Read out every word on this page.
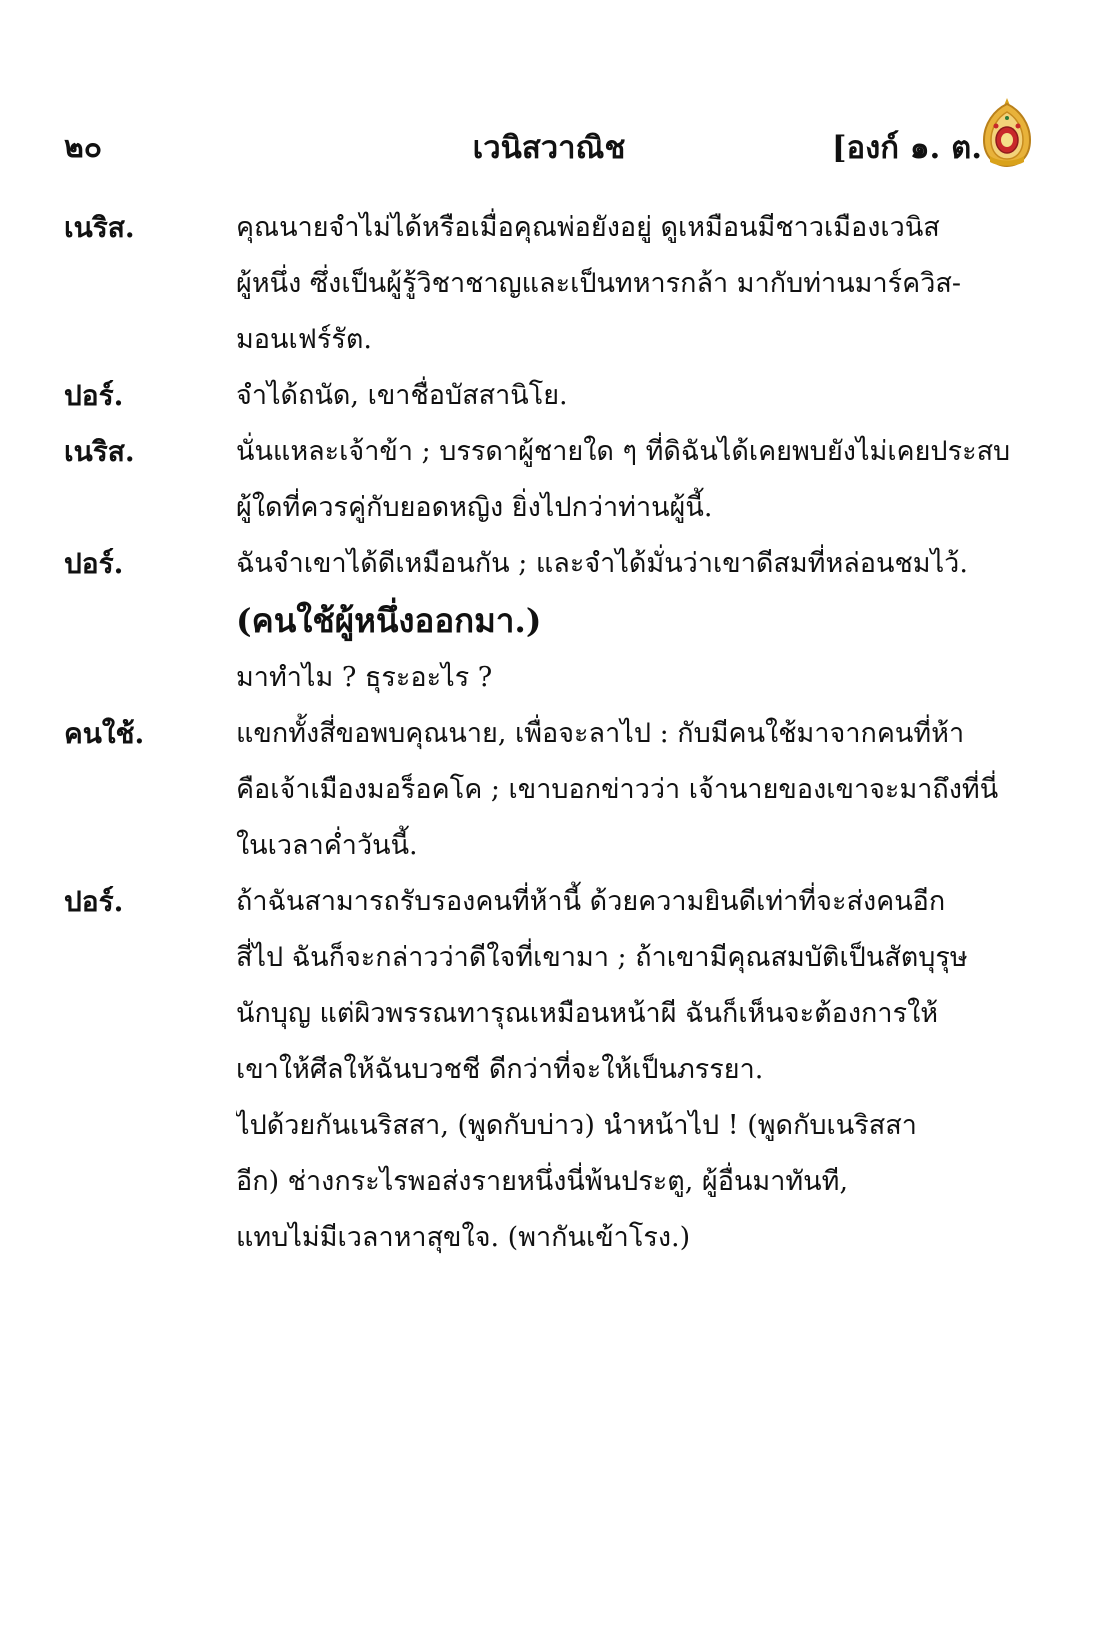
๒๐	เวนิสวาณิช	[องก์ ๑. ต.
เนริส.	คุณนายจำไม่ได้หรือเมื่อคุณพ่อยังอยู่ ดูเหมือนมีชาวเมืองเวนิส
ผู้หนึ่ง ซึ่งเป็นผู้รู้วิชาชาญและเป็นทหารกล้า มากับท่านมาร์ควิส-
มอนเฟร์รัต.
ปอร์.	จำได้ถนัด, เขาชื่อบัสสานิโย.
เนริส.	นั่นแหละเจ้าข้า ; บรรดาผู้ชายใด ๆ ที่ดิฉันได้เคยพบยังไม่เคยประสบ
ผู้ใดที่ควรคู่กับยอดหญิง ยิ่งไปกว่าท่านผู้นี้.
ปอร์.	ฉันจำเขาได้ดีเหมือนกัน ; และจำได้มั่นว่าเขาดีสมที่หล่อนชมไว้.
(คนใช้ผู้หนึ่งออกมา.)
มาทำไม ? ธุระอะไร ?
คนใช้.	แขกทั้งสี่ขอพบคุณนาย, เพื่อจะลาไป : กับมีคนใช้มาจากคนที่ห้า
คือเจ้าเมืองมอร็อคโค ; เขาบอกข่าวว่า เจ้านายของเขาจะมาถึงที่นี่
ในเวลาค่ำวันนี้.
ปอร์.	ถ้าฉันสามารถรับรองคนที่ห้านี้ ด้วยความยินดีเท่าที่จะส่งคนอีก
สี่ไป ฉันก็จะกล่าวว่าดีใจที่เขามา ; ถ้าเขามีคุณสมบัติเป็นสัตบุรุษ
นักบุญ แต่ผิวพรรณทารุณเหมือนหน้าผี ฉันก็เห็นจะต้องการให้
เขาให้ศีลให้ฉันบวชชี ดีกว่าที่จะให้เป็นภรรยา.
ไปด้วยกันเนริสสา, (พูดกับบ่าว) นำหน้าไป ! (พูดกับเนริสสา
อีก) ช่างกระไรพอส่งรายหนึ่งนี่พ้นประตู, ผู้อื่นมาทันที,
แทบไม่มีเวลาหาสุขใจ. (พากันเข้าโรง.)
